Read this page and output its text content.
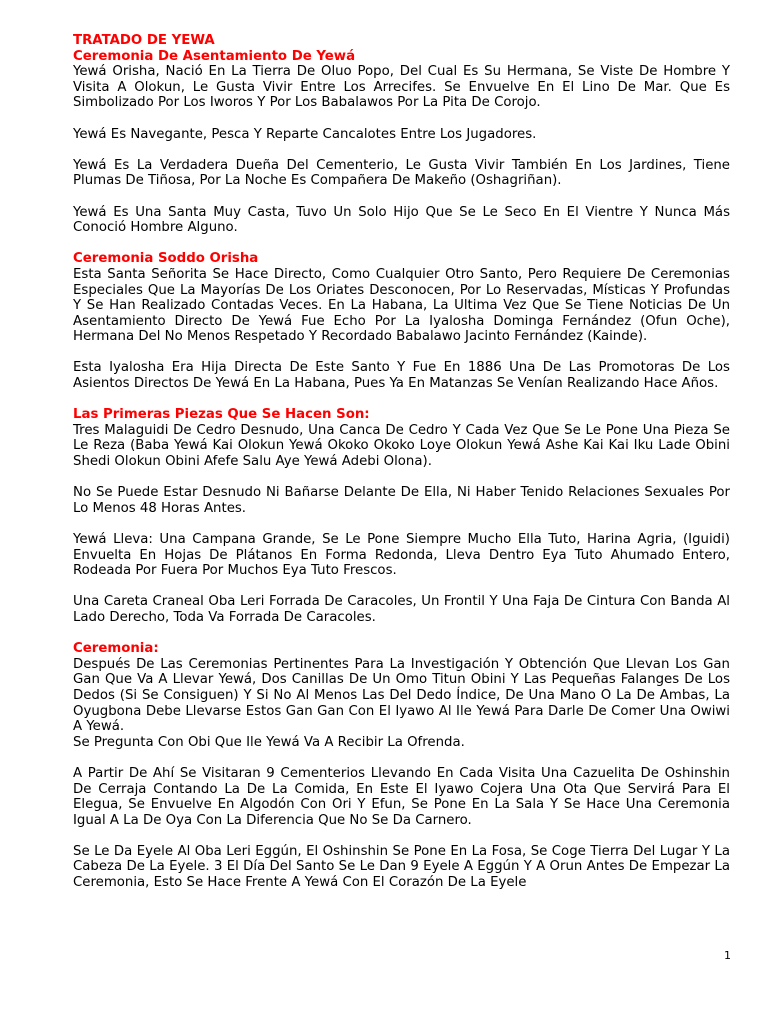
TRATADO DE YEWA

Ceremonia De Asentamiento De Yewá

Yewá Orisha, Nació En La Tierra De Oluo Popo, Del Cual Es Su Hermana, Se Viste De Hombre Y Visita A Olokun, Le Gusta Vivir Entre Los Arrecifes. Se Envuelve En El Lino De Mar. Que Es Simbolizado Por Los Iworos Y Por Los Babalawos Por La Pita De Corojo.

Yewá Es Navegante, Pesca Y Reparte Cancalotes Entre Los Jugadores.

Yewá Es La Verdadera Dueña Del Cementerio, Le Gusta Vivir También En Los Jardines, Tiene Plumas De Tiñosa, Por La Noche Es Compañera De Makeño (Oshagriñan).

Yewá Es Una Santa Muy Casta, Tuvo Un Solo Hijo Que Se Le Seco En El Vientre Y Nunca Más Conoció Hombre Alguno.

Ceremonia Soddo Orisha

Esta Santa Señorita Se Hace Directo, Como Cualquier Otro Santo, Pero Requiere De Ceremonias Especiales Que La Mayorías De Los Oriates Desconocen, Por Lo Reservadas, Místicas Y Profundas Y Se Han Realizado Contadas Veces. En La Habana, La Ultima Vez Que Se Tiene Noticias De Un Asentamiento Directo De Yewá Fue Echo Por La Iyalosha Dominga Fernández (Ofun Oche), Hermana Del No Menos Respetado Y Recordado Babalawo Jacinto Fernández (Kainde).

Esta Iyalosha Era Hija Directa De Este Santo Y Fue En 1886 Una De Las Promotoras De Los Asientos Directos De Yewá En La Habana, Pues Ya En Matanzas Se Venían Realizando Hace Años.

Las Primeras Piezas Que Se Hacen Son:

Tres Malaguidi De Cedro Desnudo, Una Canca De Cedro Y Cada Vez Que Se Le Pone Una Pieza Se Le Reza (Baba Yewá Kai Olokun Yewá Okoko Okoko Loye Olokun Yewá Ashe Kai Kai Iku Lade Obini Shedi Olokun Obini Afefe Salu Aye Yewá Adebi Olona).

No Se Puede Estar Desnudo Ni Bañarse Delante De Ella, Ni Haber Tenido Relaciones Sexuales Por Lo Menos 48 Horas Antes.

Yewá Lleva: Una Campana Grande, Se Le Pone Siempre Mucho Ella Tuto, Harina Agria, (Iguidi) Envuelta En Hojas De Plátanos En Forma Redonda, Lleva Dentro Eya Tuto Ahumado Entero, Rodeada Por Fuera Por Muchos Eya Tuto Frescos.

Una Careta Craneal Oba Leri Forrada De Caracoles, Un Frontil Y Una Faja De Cintura Con Banda Al Lado Derecho, Toda Va Forrada De Caracoles.

Ceremonia:

Después De Las Ceremonias Pertinentes Para La Investigación Y Obtención Que Llevan Los Gan Gan Que Va A Llevar Yewá, Dos Canillas De Un Omo Titun Obini Y Las Pequeñas Falanges De Los Dedos (Si Se Consiguen) Y Si No Al Menos Las Del Dedo Índice, De Una Mano O La De Ambas, La Oyugbona Debe Llevarse Estos Gan Gan Con El Iyawo Al Ile Yewá Para Darle De Comer Una Owiwi A Yewá.

Se Pregunta Con Obi Que Ile Yewá Va A Recibir La Ofrenda.

A Partir De Ahí Se Visitaran 9 Cementerios Llevando En Cada Visita Una Cazuelita De Oshinshin De Cerraja Contando La De La Comida, En Este El Iyawo Cojera Una Ota Que Servirá Para El Elegua, Se Envuelve En Algodón Con Ori Y Efun, Se Pone En La Sala Y Se Hace Una Ceremonia Igual A La De Oya Con La Diferencia Que No Se Da Carnero.

Se Le Da Eyele Al Oba Leri Eggún, El Oshinshin Se Pone En La Fosa, Se Coge Tierra Del Lugar Y La Cabeza De La Eyele. 3 El Día Del Santo Se Le Dan 9 Eyele A Eggún Y A Orun Antes De Empezar La Ceremonia, Esto Se Hace Frente A Yewá Con El Corazón De La Eyele

1
